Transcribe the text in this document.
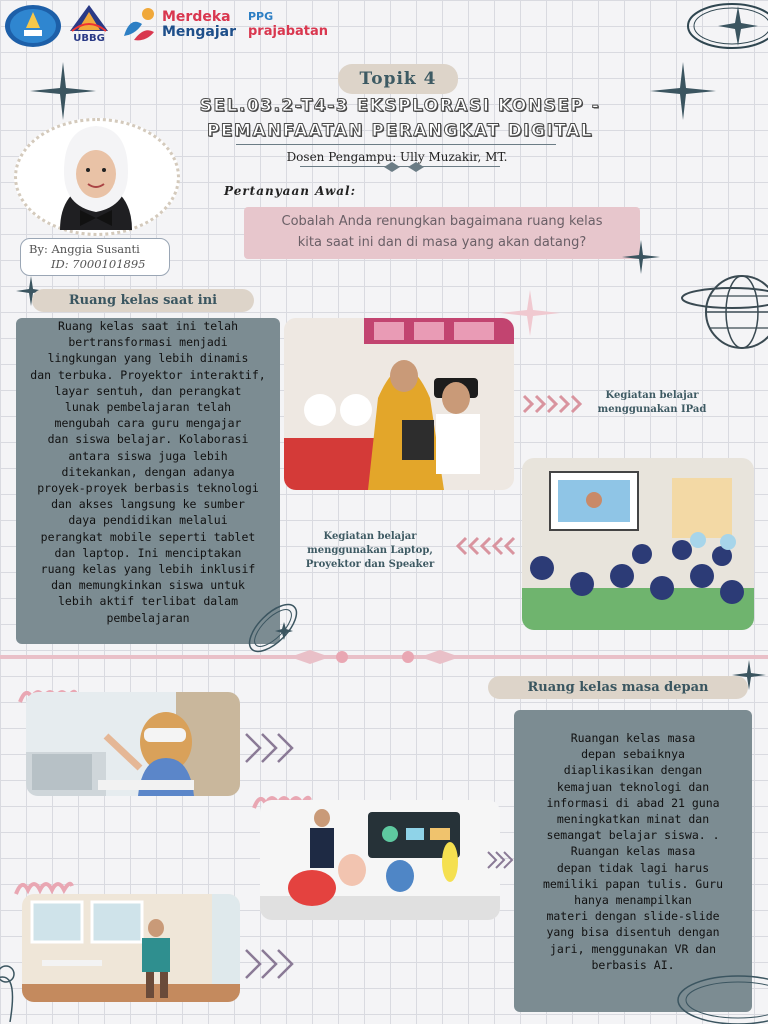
UBBG
Merdeka
Mengajar
PPG
prajabatan
Topik 4
SEL.03.2-T4-3 EKSPLORASI KONSEP -
PEMANFAATAN PERANGKAT DIGITAL
Dosen Pengampu: Ully Muzakir, MT.
By: Anggia Susanti
ID: 7000101895
Pertanyaan Awal:
Cobalah Anda renungkan bagaimana ruang kelas
kita saat ini dan di masa yang akan datang?
Ruang kelas saat ini
Ruang kelas saat ini telah
bertransformasi menjadi
lingkungan yang lebih dinamis
dan terbuka. Proyektor interaktif,
layar sentuh, dan perangkat
lunak pembelajaran telah
mengubah cara guru mengajar
dan siswa belajar. Kolaborasi
antara siswa juga lebih
ditekankan, dengan adanya
proyek-proyek berbasis teknologi
dan akses langsung ke sumber
daya pendidikan melalui
perangkat mobile seperti tablet
dan laptop. Ini menciptakan
ruang kelas yang lebih inklusif
dan memungkinkan siswa untuk
lebih aktif terlibat dalam
pembelajaran
Kegiatan belajar
menggunakan IPad
Kegiatan belajar
menggunakan Laptop,
Proyektor dan Speaker
Ruang kelas masa depan
Ruangan kelas masa
depan sebaiknya
diaplikasikan dengan
kemajuan teknologi dan
informasi di abad 21 guna
meningkatkan minat dan
semangat belajar siswa. .
Ruangan kelas masa
depan tidak lagi harus
memiliki papan tulis. Guru
hanya menampilkan
materi dengan slide-slide
yang bisa disentuh dengan
jari, menggunakan VR dan
berbasis AI.
